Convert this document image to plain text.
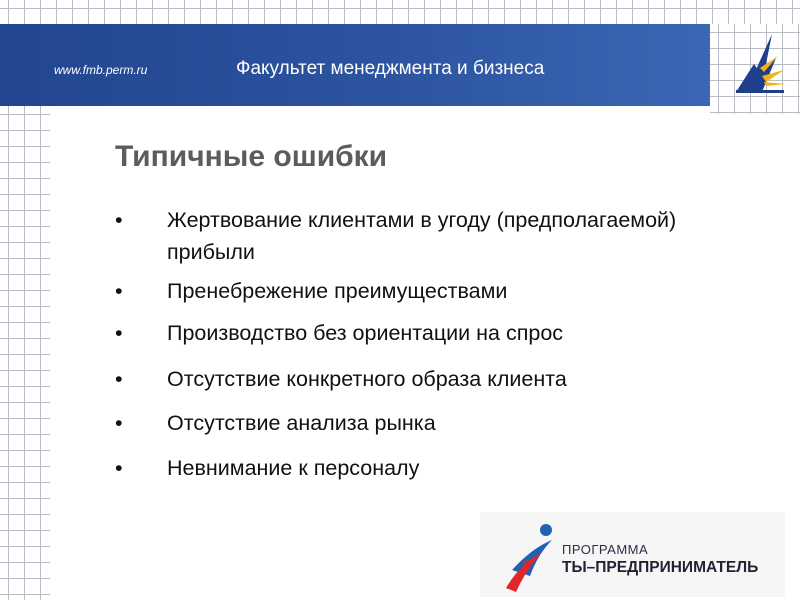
www.fmb.perm.ru	Факультет менеджмента и бизнеса
Типичные ошибки
• Жертвование клиентами в угоду (предполагаемой) прибыли
• Пренебрежение преимуществами
• Производство без ориентации на спрос
• Отсутствие конкретного образа клиента
• Отсутствие анализа рынка
• Невнимание к персоналу
ПРОГРАММА
ТЫ–ПРЕДПРИНИМАТЕЛЬ
